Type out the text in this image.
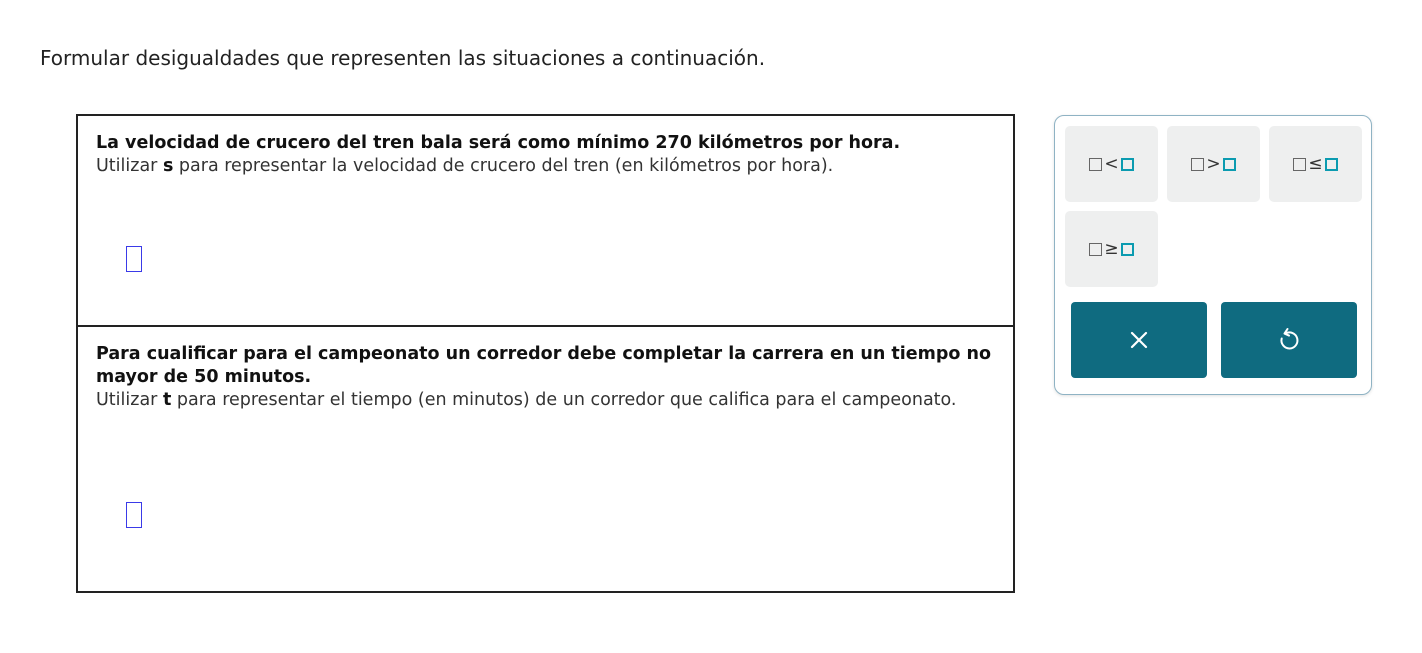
Formular desigualdades que representen las situaciones a continuación.
La velocidad de crucero del tren bala será como mínimo 270 kilómetros por hora.
Utilizar s para representar la velocidad de crucero del tren (en kilómetros por hora).
Para cualificar para el campeonato un corredor debe completar la carrera en un tiempo no mayor de 50 minutos.
Utilizar t para representar el tiempo (en minutos) de un corredor que califica para el campeonato.
<	>	≤
≥
